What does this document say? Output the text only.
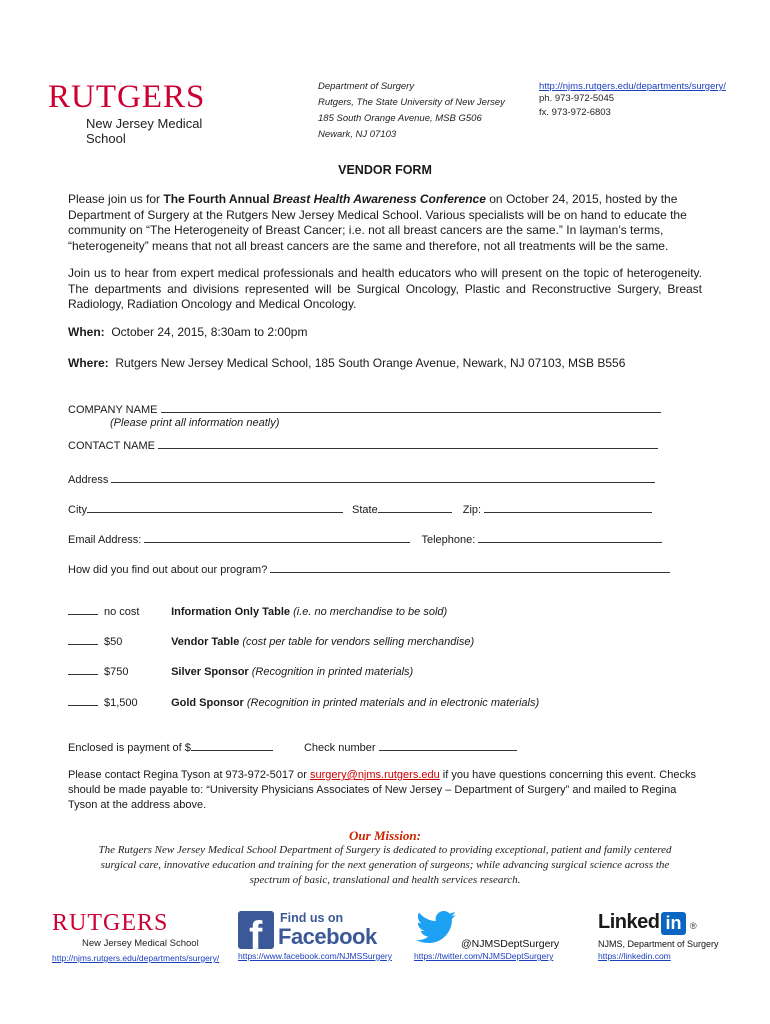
RUTGERS
New Jersey Medical School
Department of Surgery
Rutgers, The State University of New Jersey
185 South Orange Avenue, MSB G506
Newark, NJ 07103
http://njms.rutgers.edu/departments/surgery/
ph. 973-972-5045
fx. 973-972-6803
VENDOR FORM
Please join us for The Fourth Annual Breast Health Awareness Conference on October 24, 2015, hosted by the Department of Surgery at the Rutgers New Jersey Medical School. Various specialists will be on hand to educate the community on “The Heterogeneity of Breast Cancer; i.e. not all breast cancers are the same.” In layman’s terms, “heterogeneity” means that not all breast cancers are the same and therefore, not all treatments will be the same.
Join us to hear from expert medical professionals and health educators who will present on the topic of heterogeneity. The departments and divisions represented will be Surgical Oncology, Plastic and Reconstructive Surgery, Breast Radiology, Radiation Oncology and Medical Oncology.
When: October 24, 2015, 8:30am to 2:00pm
Where: Rutgers New Jersey Medical School, 185 South Orange Avenue, Newark, NJ 07103, MSB B556
COMPANY NAME
(Please print all information neatly)
CONTACT NAME
Address
City	State	Zip:
Email Address:	Telephone:
How did you find out about our program?
no cost	Information Only Table (i.e. no merchandise to be sold)
$50	Vendor Table (cost per table for vendors selling merchandise)
$750	Silver Sponsor (Recognition in printed materials)
$1,500	Gold Sponsor (Recognition in printed materials and in electronic materials)
Enclosed is payment of $	Check number
Please contact Regina Tyson at 973-972-5017 or surgery@njms.rutgers.edu if you have questions concerning this event. Checks should be made payable to: “University Physicians Associates of New Jersey – Department of Surgery” and mailed to Regina Tyson at the address above.
Our Mission:
The Rutgers New Jersey Medical School Department of Surgery is dedicated to providing exceptional, patient and family centered surgical care, innovative education and training for the next generation of surgeons; while advancing surgical science across the spectrum of basic, translational and health services research.
RUTGERS
New Jersey Medical School
http://njms.rutgers.edu/departments/surgery/ f Find us on
Facebook
https://www.facebook.com/NJMSSurgery
@NJMSDeptSurgery
https://twitter.com/NJMSDeptSurgery
Linked in ®
NJMS, Department of Surgery
https://linkedin.com
